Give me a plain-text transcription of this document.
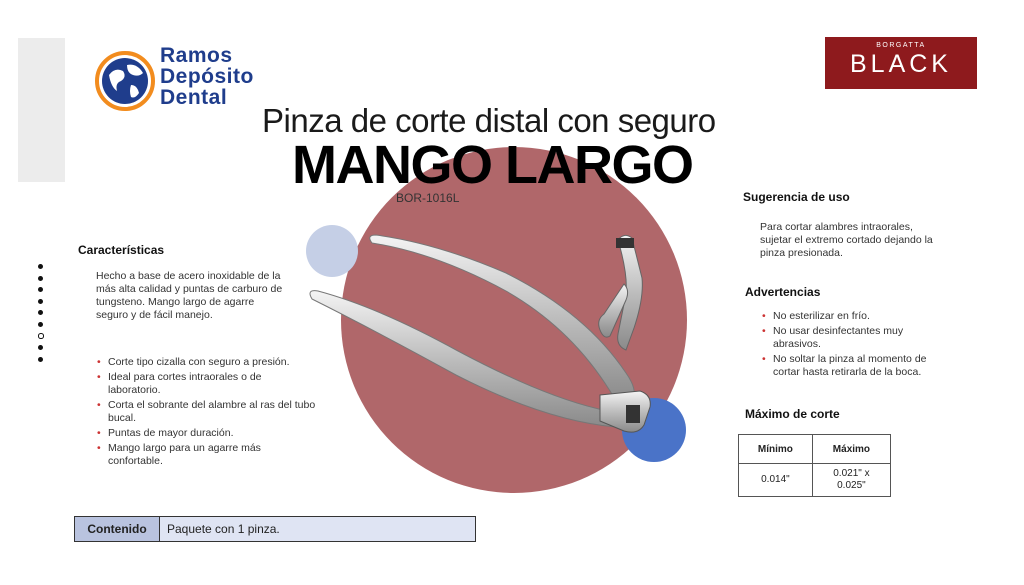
Ramos
Depósito
Dental
BORGATTA
BLACK
Pinza de corte distal con seguro
MANGO LARGO
BOR-1016L
Características
Hecho a base de acero inoxidable de la más alta calidad y puntas de carburo de tungsteno. Mango largo de agarre seguro y de fácil manejo.
• Corte tipo cizalla con seguro a presión.
• Ideal para cortes intraorales o de laboratorio.
• Corta el sobrante del alambre al ras del tubo bucal.
• Puntas de mayor duración.
• Mango largo para un agarre más confortable.
Sugerencia de uso
Para cortar alambres intraorales, sujetar el extremo cortado dejando la pinza presionada.
Advertencias
• No esterilizar en frío.
• No usar desinfectantes muy abrasivos.
• No soltar la pinza al momento de cortar hasta retirarla de la boca.
Máximo de corte
Mínimo	Máximo
0.014"	0.021" x
0.025"
Contenido	Paquete con 1 pinza.
